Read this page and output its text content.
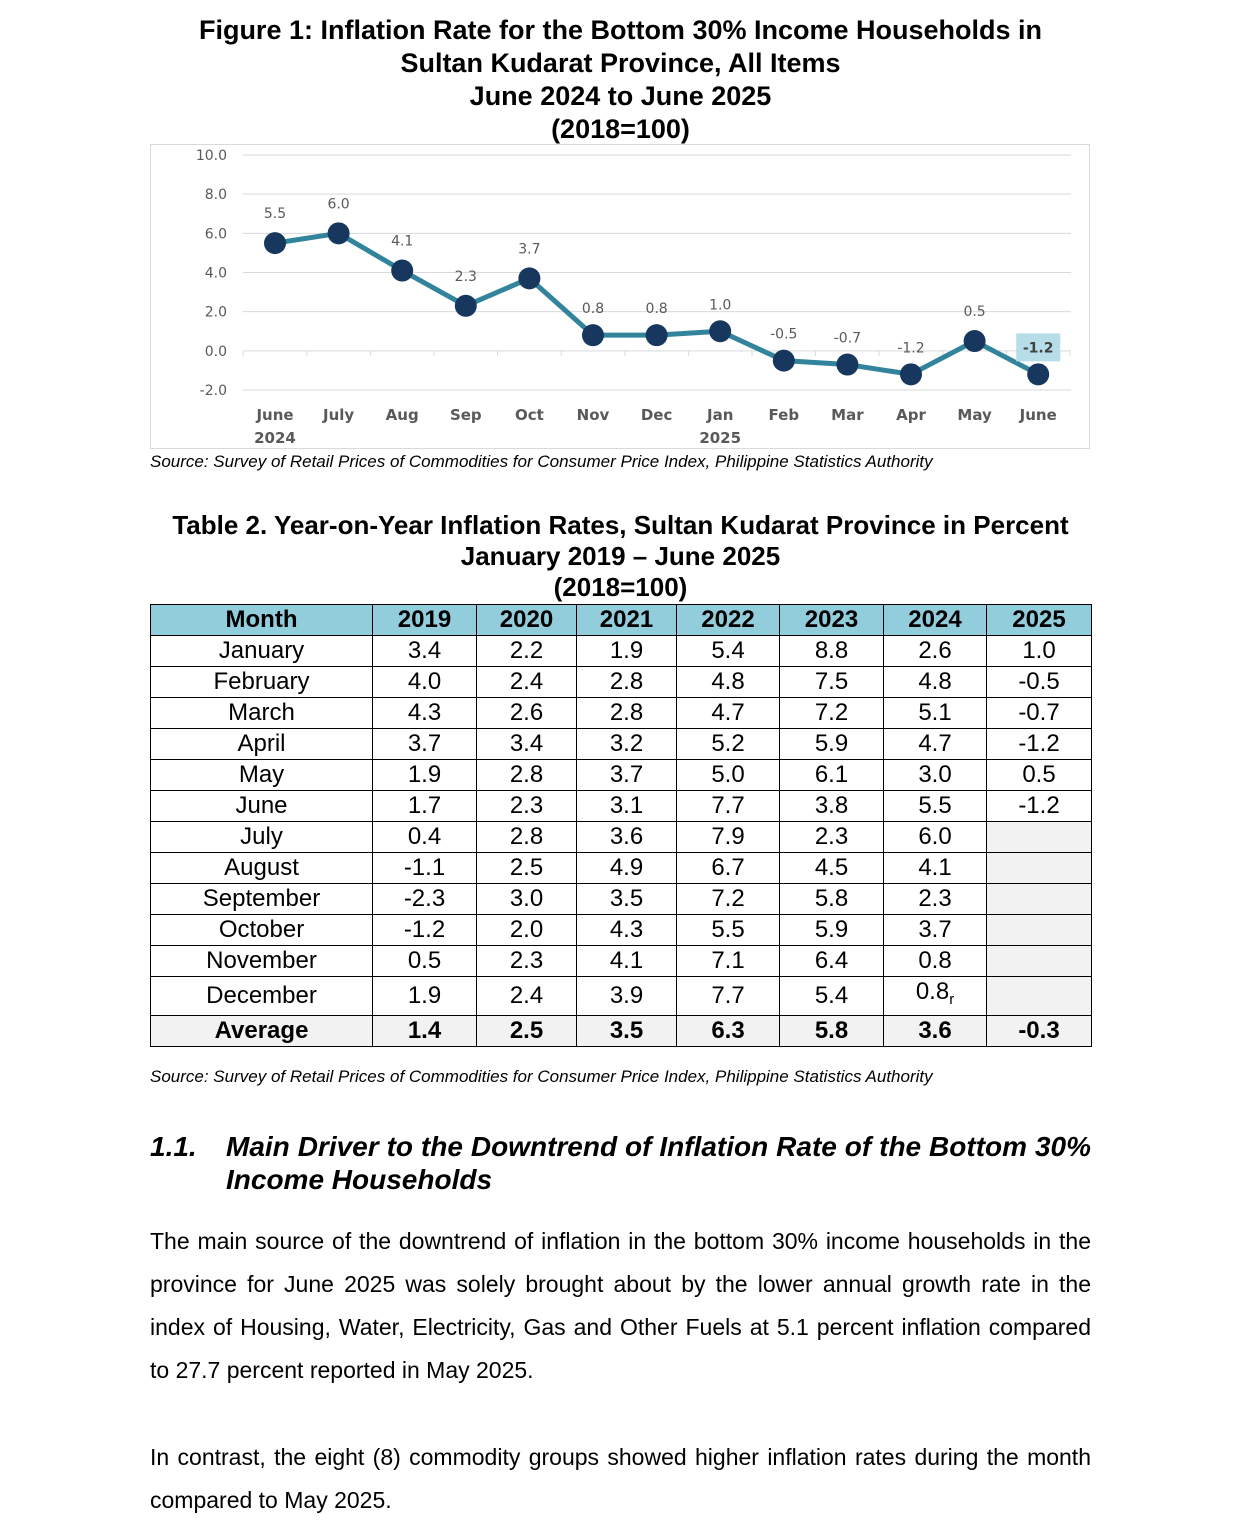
Figure 1: Inflation Rate for the Bottom 30% Income Households in
Sultan Kudarat Province, All Items
June 2024 to June 2025
(2018=100)
10.0
8.0
6.0
4.0
2.0
0.0
-2.0
5.5
6.0
4.1
2.3
3.7
0.8	0.8	1.0
-0.5	-0.7
-1.2
0.5
-1.2
June July Aug Sep Oct Nov Dec Jan Feb Mar Apr May June
2024	2025
Source: Survey of Retail Prices of Commodities for Consumer Price Index, Philippine Statistics Authority
Table 2. Year-on-Year Inflation Rates, Sultan Kudarat Province in Percent
January 2019 – June 2025
(2018=100)
Month	2019	2020	2021	2022	2023	2024	2025
January	3.4	2.2	1.9	5.4	8.8	2.6	1.0
February	4.0	2.4	2.8	4.8	7.5	4.8	-0.5
March	4.3	2.6	2.8	4.7	7.2	5.1	-0.7
April	3.7	3.4	3.2	5.2	5.9	4.7	-1.2
May	1.9	2.8	3.7	5.0	6.1	3.0	0.5
June	1.7	2.3	3.1	7.7	3.8	5.5	-1.2
July	0.4	2.8	3.6	7.9	2.3	6.0	
August	-1.1	2.5	4.9	6.7	4.5	4.1	
September	-2.3	3.0	3.5	7.2	5.8	2.3	
October	-1.2	2.0	4.3	5.5	5.9	3.7	
November	0.5	2.3	4.1	7.1	6.4	0.8	
December	1.9	2.4	3.9	7.7	5.4	$0.8_r$	
Average	1.4	2.5	3.5	6.3	5.8	3.6	-0.3
Source: Survey of Retail Prices of Commodities for Consumer Price Index, Philippine Statistics Authority
1.1. Main Driver to the Downtrend of Inflation Rate of the Bottom 30% Income Households
The main source of the downtrend of inflation in the bottom 30% income households in the province for June 2025 was solely brought about by the lower annual growth rate in the index of Housing, Water, Electricity, Gas and Other Fuels at 5.1 percent inflation compared to 27.7 percent reported in May 2025.
In contrast, the eight (8) commodity groups showed higher inflation rates during the month compared to May 2025.
